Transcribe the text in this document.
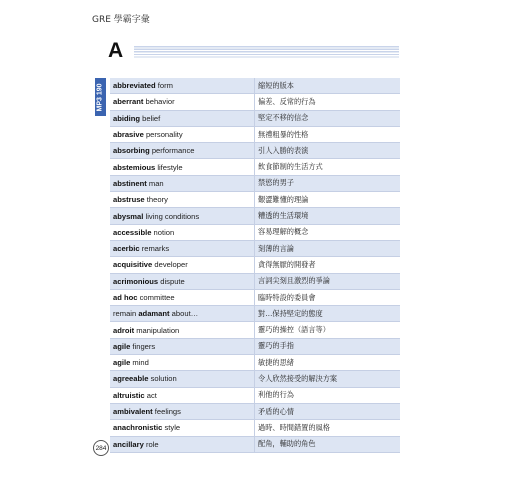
GRE 學霸字彙
A
MP3 190 abbreviated form	縮短的版本
aberrant behavior	偏差、反常的行為
abiding belief	堅定不移的信念
abrasive personality	無禮粗暴的性格
absorbing performance	引人入勝的表演
abstemious lifestyle	飲食節制的生活方式
abstinent man	禁慾的男子
abstruse theory	艱澀難懂的理論
abysmal living conditions	糟透的生活環境
accessible notion	容易理解的概念
acerbic remarks	刻薄的言論
acquisitive developer	貪得無厭的開發者
acrimonious dispute	言詞尖刻且激烈的爭論
ad hoc committee	臨時特設的委員會
remain adamant about…	對…保持堅定的態度
adroit manipulation	靈巧的操控（語言等）
agile fingers	靈巧的手指
agile mind	敏捷的思緒
agreeable solution	令人欣然接受的解決方案
altruistic act	利他的行為
ambivalent feelings	矛盾的心情
anachronistic style	過時、時間錯置的風格
ancillary role	配角，輔助的角色
284
